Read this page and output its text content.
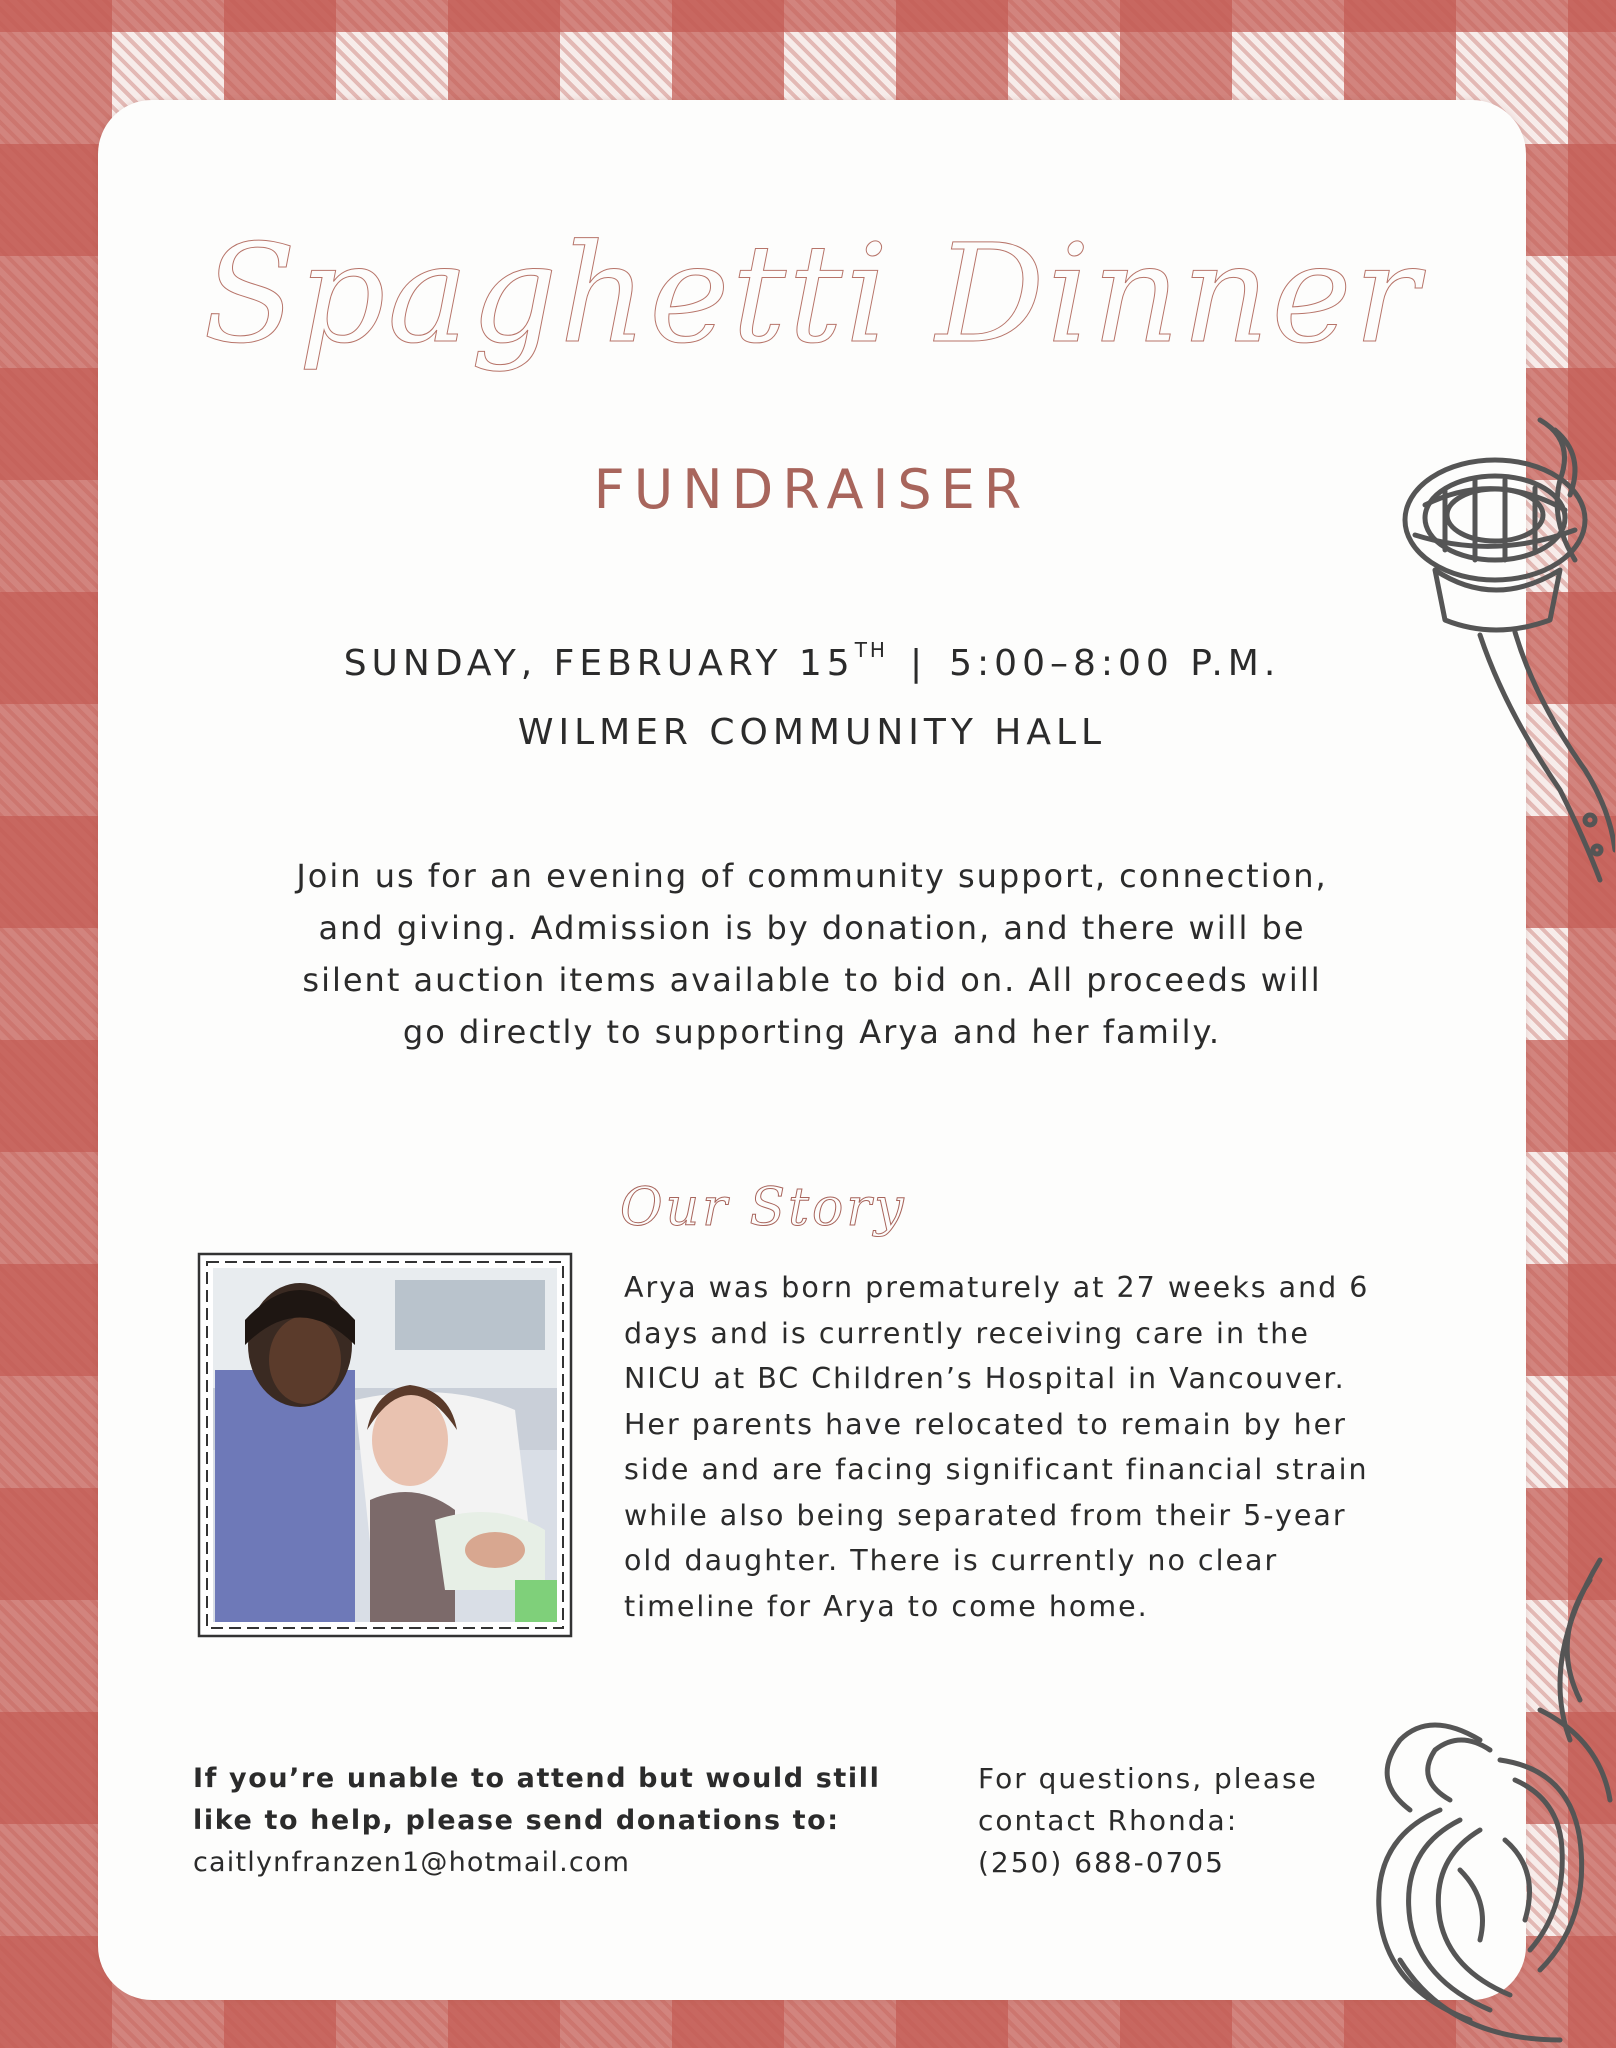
Spaghetti Dinner
FUNDRAISER
SUNDAY, FEBRUARY 15TH | 5:00–8:00 P.M.
WILMER COMMUNITY HALL

Join us for an evening of community support, connection,

and giving. Admission is by donation, and there will be

silent auction items available to bid on. All proceeds will

go directly to supporting Arya and her family.

Our Story

Arya was born prematurely at 27 weeks and 6

days and is currently receiving care in the

NICU at BC Children’s Hospital in Vancouver.

Her parents have relocated to remain by her

side and are facing significant financial strain

while also being separated from their 5-year

old daughter. There is currently no clear

timeline for Arya to come home.

If you’re unable to attend but would still
like to help, please send donations to:
caitlynfranzen1@hotmail.com
For questions, please
contact Rhonda:
(250) 688-0705
